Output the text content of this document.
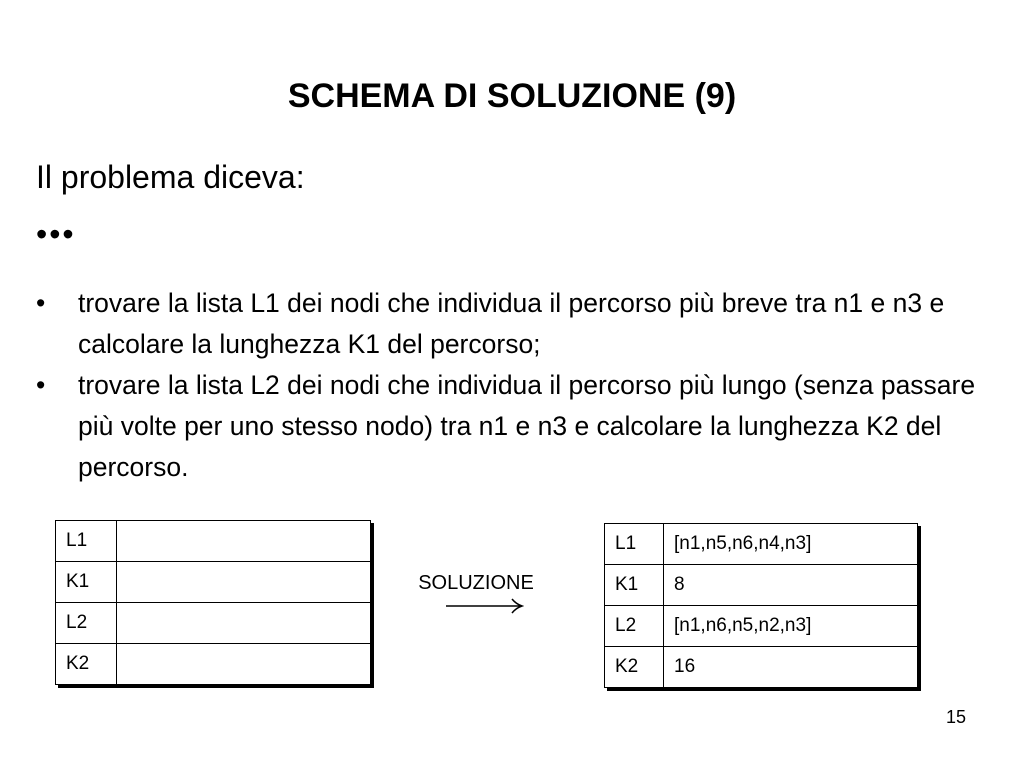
SCHEMA DI SOLUZIONE (9)
Il problema diceva:
•••
• trovare la lista L1 dei nodi che individua il percorso più breve tra n1 e n3 e calcolare la lunghezza K1 del percorso;
• trovare la lista L2 dei nodi che individua il percorso più lungo (senza passare più volte per uno stesso nodo) tra n1 e n3 e calcolare la lunghezza K2 del percorso.
L1	
K1	
L2	
K2	
SOLUZIONE
L1	[n1,n5,n6,n4,n3]
K1	8
L2	[n1,n6,n5,n2,n3]
K2	16
15
